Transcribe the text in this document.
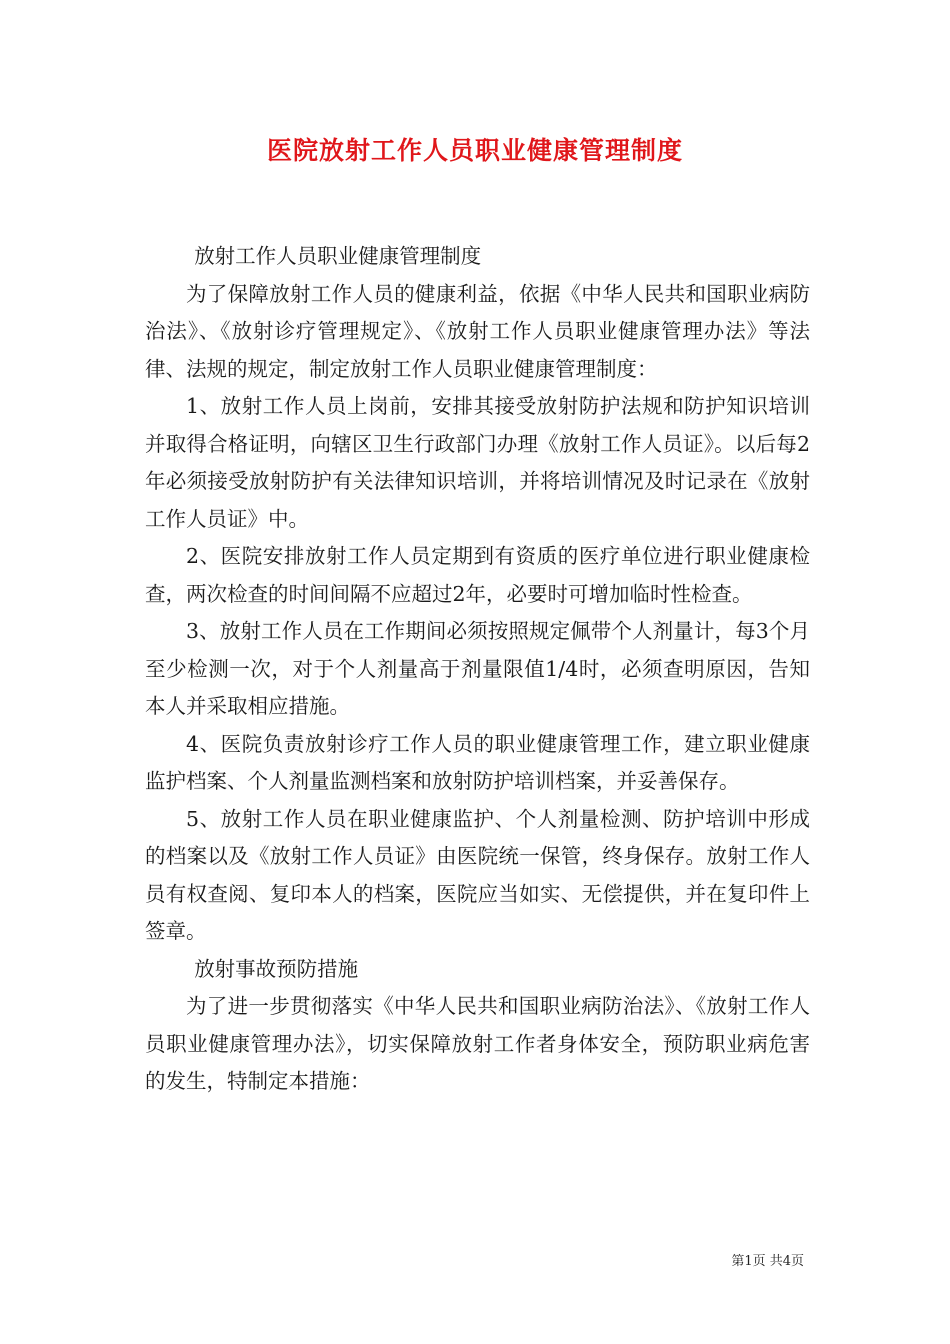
医院放射工作人员职业健康管理制度

放射工作人员职业健康管理制度

为了保障放射工作人员的健康利益，依据《中华人民共和国职业病防治法》、《放射诊疗管理规定》、《放射工作人员职业健康管理办法》等法律、法规的规定，制定放射工作人员职业健康管理制度：

1、放射工作人员上岗前，安排其接受放射防护法规和防护知识培训并取得合格证明，向辖区卫生行政部门办理《放射工作人员证》。以后每2年必须接受放射防护有关法律知识培训，并将培训情况及时记录在《放射工作人员证》中。

2、医院安排放射工作人员定期到有资质的医疗单位进行职业健康检查，两次检查的时间间隔不应超过2年，必要时可增加临时性检查。

3、放射工作人员在工作期间必须按照规定佩带个人剂量计，每3个月至少检测一次，对于个人剂量高于剂量限值1/4时，必须查明原因，告知本人并采取相应措施。

4、医院负责放射诊疗工作人员的职业健康管理工作，建立职业健康监护档案、个人剂量监测档案和放射防护培训档案，并妥善保存。

5、放射工作人员在职业健康监护、个人剂量检测、防护培训中形成的档案以及《放射工作人员证》由医院统一保管，终身保存。放射工作人员有权查阅、复印本人的档案，医院应当如实、无偿提供，并在复印件上签章。

放射事故预防措施

为了进一步贯彻落实《中华人民共和国职业病防治法》、《放射工作人员职业健康管理办法》，切实保障放射工作者身体安全，预防职业病危害的发生，特制定本措施：

第1页 共4页
